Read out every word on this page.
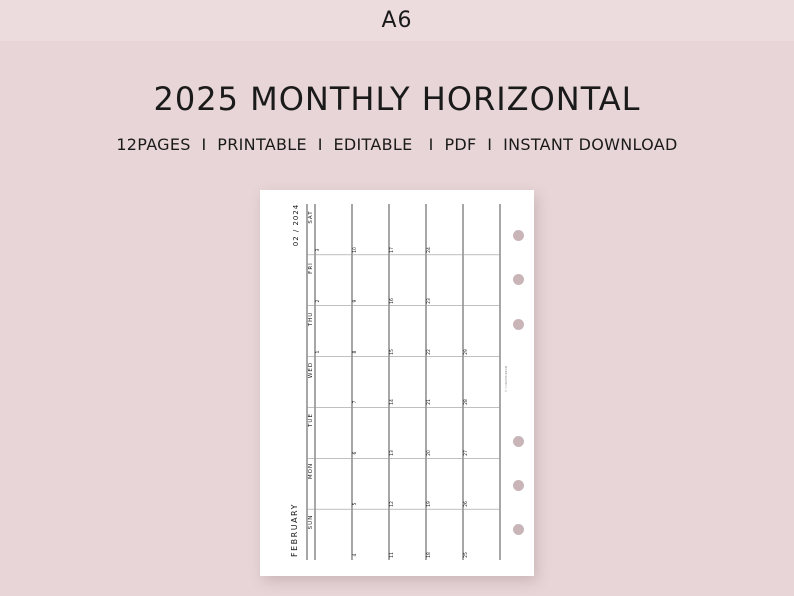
A6
2025 MONTHLY HORIZONTAL
12PAGES  I  PRINTABLE  I  EDITABLE   I  PDF  I  INSTANT DOWNLOAD
FEBRUARY
02 / 2024
© CURATEDREAM
SUN
MON
TUE
WED
THU
FRI
SAT
1
2
3
4
5
6
7
8
9
10
11
12
13
14
15
16
17
18
19
20
21
22
23
24
25
26
27
28
29
